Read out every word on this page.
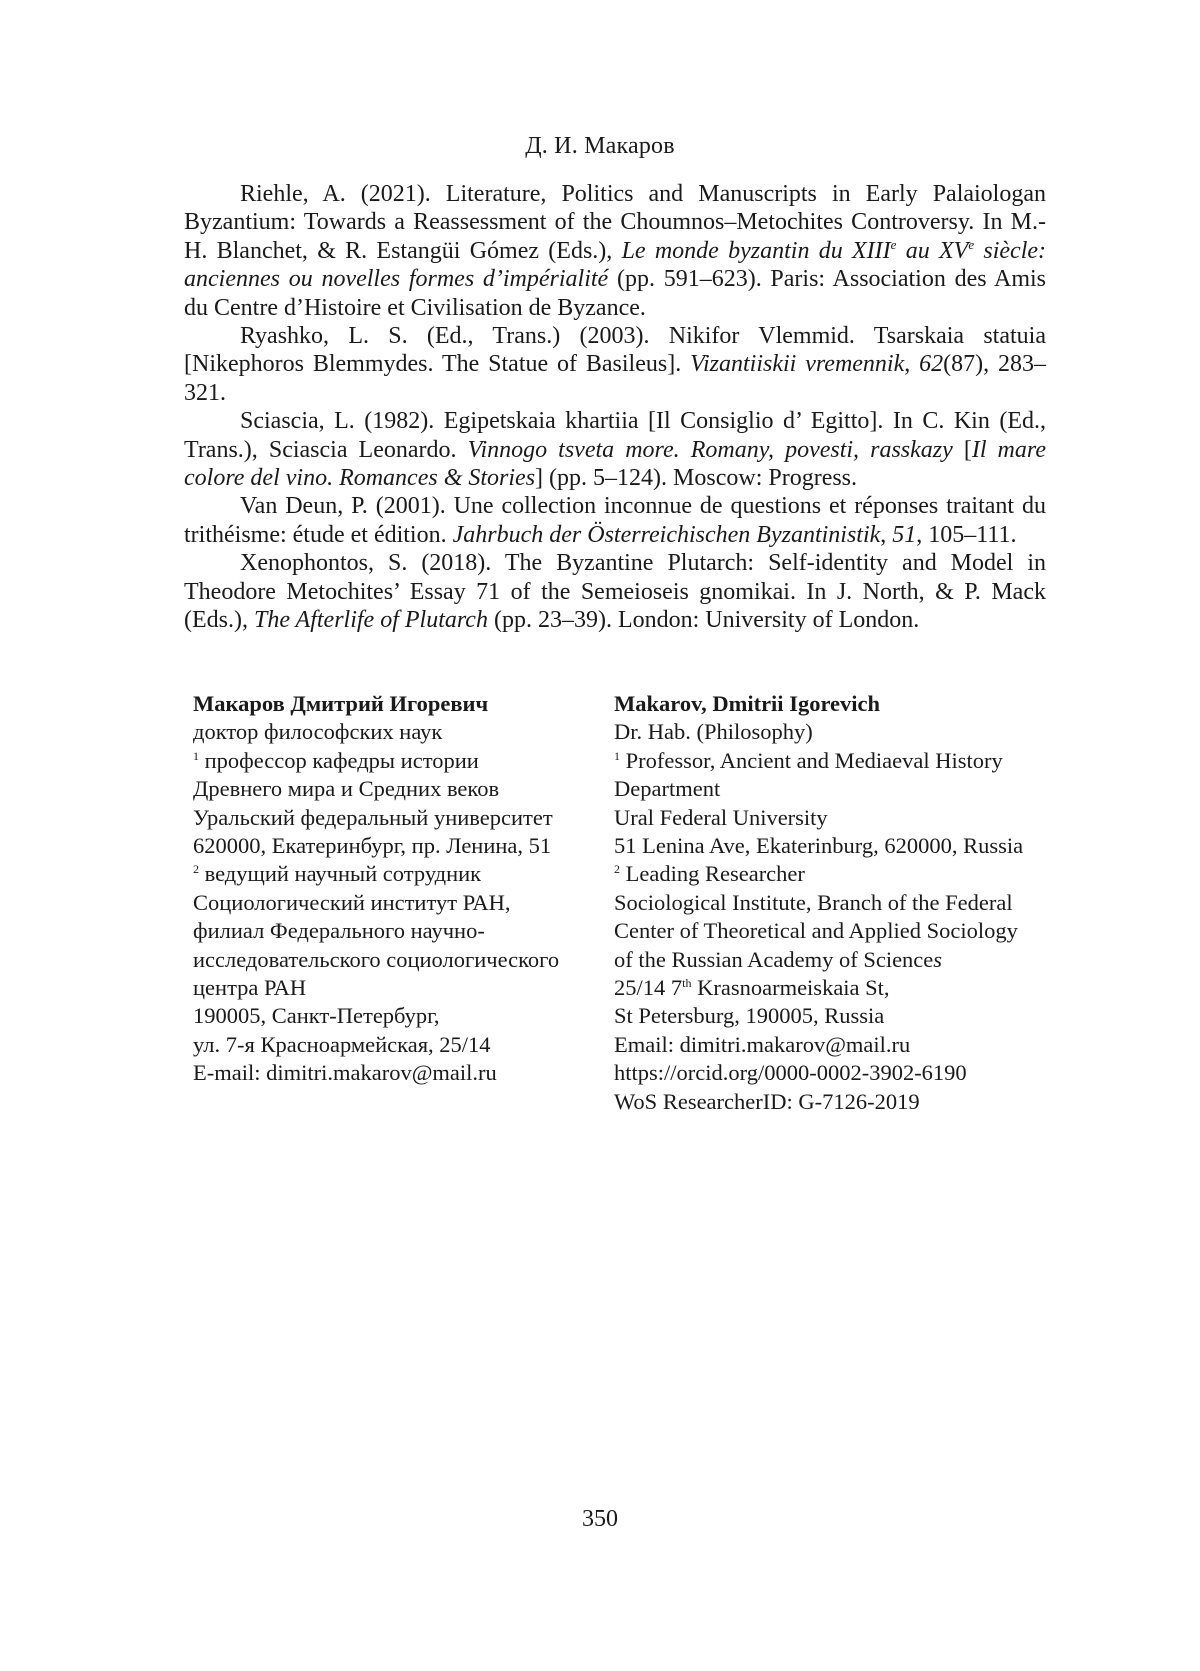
Д. И. Макаров

Riehle, A. (2021). Literature, Politics and Manuscripts in Early Palaiologan Byzantium: Towards a Reassessment of the Choumnos–Metochites Controversy. In M.-H. Blanchet, & R. Estangüi Gómez (Eds.), Le monde byzantin du XIIIe au XVe siècle: anciennes ou novelles formes d’impérialité (pp. 591–623). Paris: Association des Amis du Centre d’Histoire et Civilisation de Byzance.

Ryashko, L. S. (Ed., Trans.) (2003). Nikifor Vlemmid. Tsarskaia statuia [Nikephoros Blemmydes. The Statue of Basileus]. Vizantiiskii vremennik, 62(87), 283–321.

Sciascia, L. (1982). Egipetskaia khartiia [Il Consiglio d’ Egitto]. In C. Kin (Ed., Trans.), Sciascia Leonardo. Vinnogo tsveta more. Romany, povesti, rasskazy [Il mare colore del vino. Romances & Stories] (pp. 5–124). Moscow: Progress.

Van Deun, P. (2001). Une collection inconnue de questions et réponses traitant du trithéisme: étude et édition. Jahrbuch der Österreichischen Byzantinistik, 51, 105–111.

Xenophontos, S. (2018). The Byzantine Plutarch: Self-identity and Model in Theodore Metochites’ Essay 71 of the Semeioseis gnomikai. In J. North, & P. Mack (Eds.), The Afterlife of Plutarch (pp. 23–39). London: University of London.

Макаров Дмитрий Игоревич
доктор философских наук
1 профессор кафедры истории
Древнего мира и Средних веков
Уральский федеральный университет
620000, Екатеринбург, пр. Ленина, 51
2 ведущий научный сотрудник
Социологический институт РАН,
филиал Федерального научно-
исследовательского социологического
центра РАН
190005, Санкт-Петербург,
ул. 7-я Красноармейская, 25/14
E-mail: dimitri.makarov@mail.ru
Makarov, Dmitrii Igorevich
Dr. Hab. (Philosophy)
1 Professor, Ancient and Mediaeval History
Department
Ural Federal University
51 Lenina Ave, Ekaterinburg, 620000, Russia
2 Leading Researcher
Sociological Institute, Branch of the Federal
Center of Theoretical and Applied Sociology
of the Russian Academy of Sciences
25/14 7th Krasnoarmeiskaia St,
St Petersburg, 190005, Russia
Email: dimitri.makarov@mail.ru
https://orcid.org/0000-0002-3902-6190
WoS ResearcherID: G-7126-2019
350
